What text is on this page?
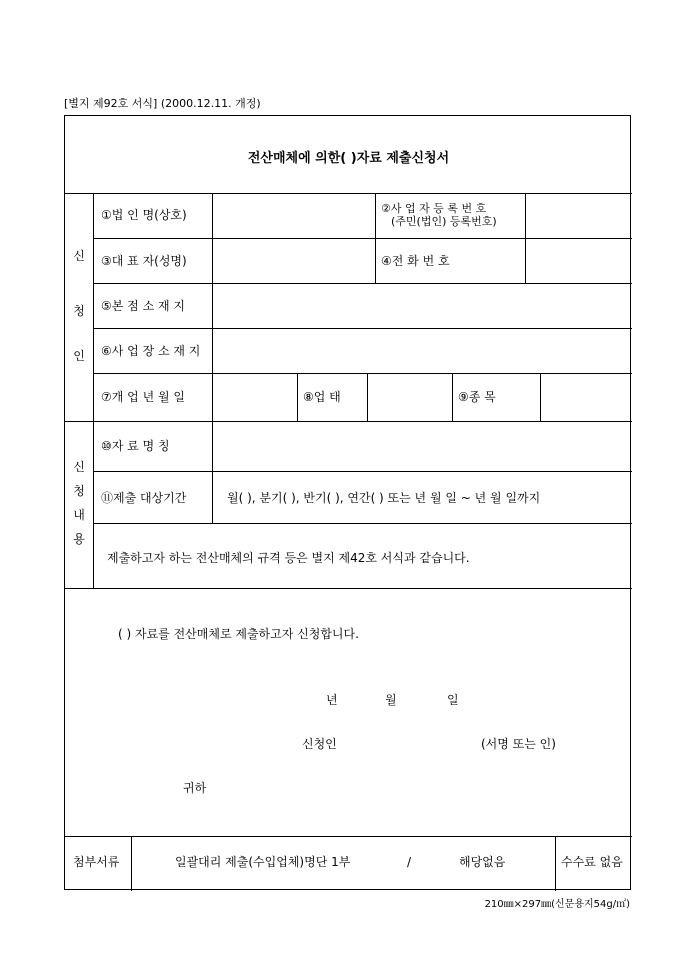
[별지 제92호 서식] (2000.12.11. 개정)
전산매체에 의한( )자료 제출신청서
신
청
인
①법 인 명(상호)	②사 업 자 등 록 번 호
(주민(법인) 등록번호)
③대 표 자(성명)	④전 화 번 호
⑤본 점 소 재 지
⑥사 업 장 소 재 지
⑦개 업 년 월 일	⑧업 태	⑨종 목
신
청
내
용
⑩자 료 명 칭
⑪제출 대상기간	월( ), 분기( ), 반기( ), 연간( ) 또는 년 월 일 ~ 년 월 일까지
제출하고자 하는 전산매체의 규격 등은 별지 제42호 서식과 같습니다.
( ) 자료를 전산매체로 제출하고자 신청합니다.
년	월	일
신청인	(서명 또는 인)
귀하
첨부서류	일괄대리 제출(수입업체)명단 1부	/	해당없음	수수료 없음
210㎜×297㎜(신문용지54g/㎡)
